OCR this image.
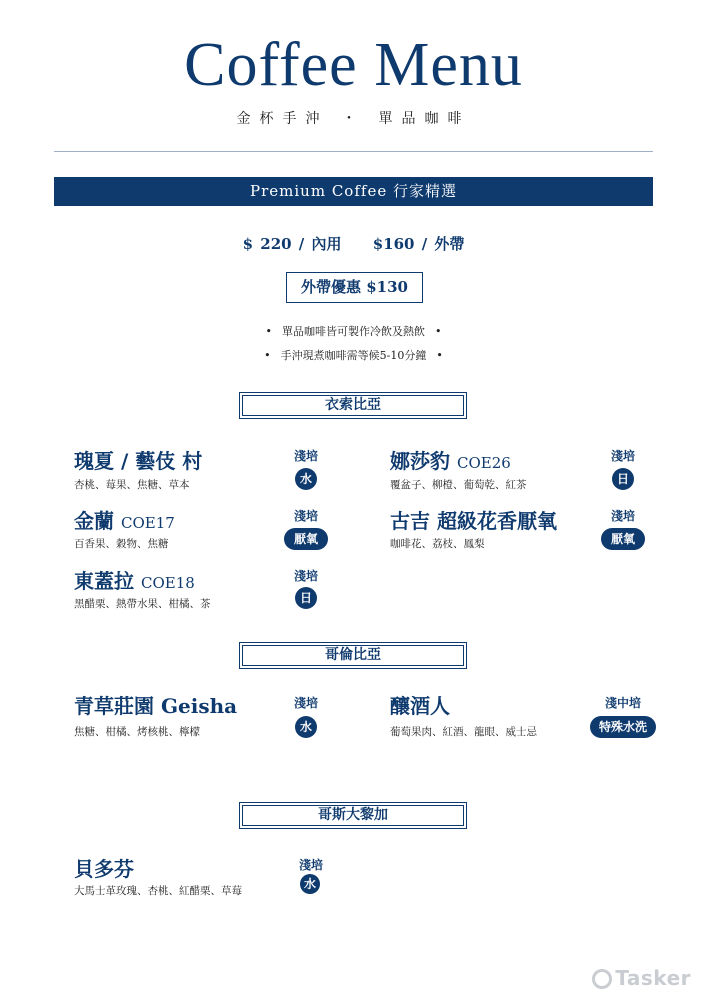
Coffee Menu
金杯手沖 ・ 單品咖啡
Premium Coffee 行家精選
$ 220 / 內用 $160 / 外帶
外帶優惠 $130
• 單品咖啡皆可製作冷飲及熱飲 •
• 手沖現煮咖啡需等候5-10分鐘 •
衣索比亞
瑰夏 / 藝伎 村
杏桃、莓果、焦糖、草本
淺培
水
娜莎豹 COE26
覆盆子、柳橙、葡萄乾、紅茶
淺培
日
金蘭 COE17
百香果、穀物、焦糖
淺培
厭氧
古吉 超級花香厭氧
咖啡花、荔枝、鳳梨
淺培
厭氧
東蓋拉 COE18
黑醋栗、熱帶水果、柑橘、茶
淺培
日
哥倫比亞
青草莊園 Geisha
焦糖、柑橘、烤核桃、檸檬
淺培
水
釀酒人
葡萄果肉、紅酒、龍眼、威士忌
淺中培
特殊水洗
哥斯大黎加
貝多芬
大馬士革玫瑰、杏桃、紅醋栗、草莓
淺培
水
Tasker
